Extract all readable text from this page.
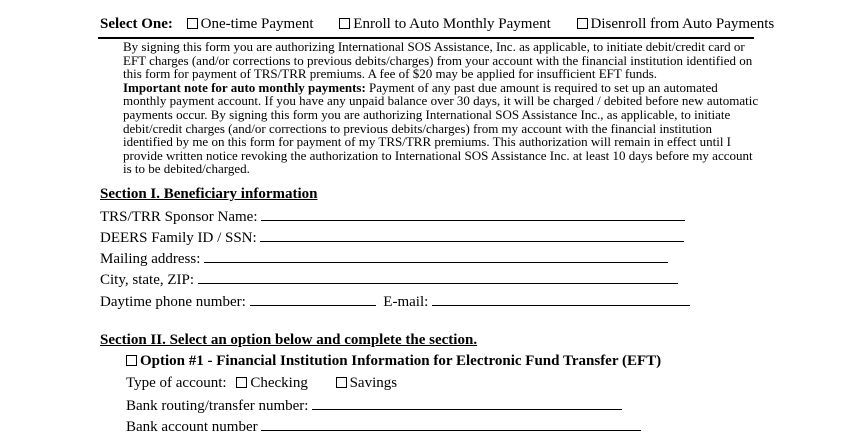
Select One: One-time Payment	Enroll to Auto Monthly Payment	Disenroll from Auto Payments

By signing this form you are authorizing International SOS Assistance, Inc. as applicable, to initiate debit/credit card or EFT charges (and/or corrections to previous debits/charges) from your account with the financial institution identified on this form for payment of TRS/TRR premiums. A fee of $20 may be applied for insufficient EFT funds.

Important note for auto monthly payments: Payment of any past due amount is required to set up an automated monthly payment account. If you have any unpaid balance over 30 days, it will be charged / debited before new automatic payments occur. By signing this form you are authorizing International SOS Assistance Inc., as applicable, to initiate debit/credit charges (and/or corrections to previous debits/charges) from my account with the financial institution identified by me on this form for payment of my TRS/TRR premiums. This authorization will remain in effect until I provide written notice revoking the authorization to International SOS Assistance Inc. at least 10 days before my account is to be debited/charged.

Section I. Beneficiary information
TRS/TRR Sponsor Name:
DEERS Family ID / SSN:
Mailing address:
City, state, ZIP:
Daytime phone number:	E-mail:
Section II. Select an option below and complete the section.
Option #1 - Financial Institution Information for Electronic Fund Transfer (EFT)
Type of account: Checking	Savings
Bank routing/transfer number:
Bank account number
